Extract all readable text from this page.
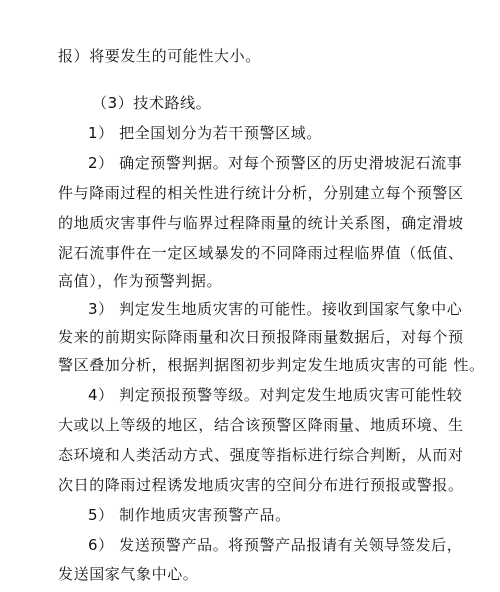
报）将要发生的可能性大小。
（3）技术路线。
1） 把全国划分为若干预警区域。
2） 确定预警判据。对每个预警区的历史滑坡泥石流事
件与降雨过程的相关性进行统计分析，分别建立每个预警区
的地质灾害事件与临界过程降雨量的统计关系图，确定滑坡
泥石流事件在一定区域暴发的不同降雨过程临界值（低值、
高值），作为预警判据。
3） 判定发生地质灾害的可能性。接收到国家气象中心
发来的前期实际降雨量和次日预报降雨量数据后，对每个预
警区叠加分析，根据判据图初步判定发生地质灾害的可能 性。
4） 判定预报预警等级。对判定发生地质灾害可能性较
大或以上等级的地区，结合该预警区降雨量、地质环境、生
态环境和人类活动方式、强度等指标进行综合判断，从而对
次日的降雨过程诱发地质灾害的空间分布进行预报或警报。
5） 制作地质灾害预警产品。
6） 发送预警产品。将预警产品报请有关领导签发后，
发送国家气象中心。
